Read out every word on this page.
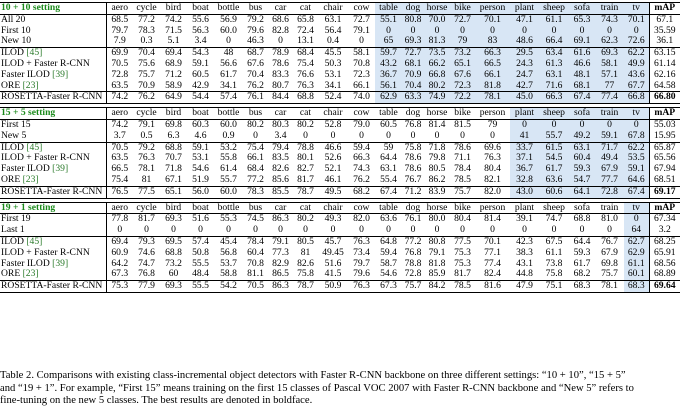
10 + 10 setting	aero	cycle	bird	boat	bottle	bus	car	cat	chair	cow	table	dog	horse	bike	person	plant	sheep	sofa	train	tv	mAP
All 20	68.5	77.2	74.2	55.6	56.9	79.2	68.6	65.8	63.1	72.7	55.1	80.8	70.0	72.7	70.1	47.1	61.1	65.3	74.3	70.1	67.1
First 10	79.7	78.3	71.5	56.3	60.0	79.6	82.8	72.4	56.4	79.1	0	0	0	0	0	0	0	0	0	0	35.59
New 10	7.9	0.3	5.1	3.4	0	46.3	0	13.1	0.4	0	65	69.3	81.3	79	83	48.6	66.4	69.1	62.3	72.6	36.1
ILOD [45]	69.9	70.4	69.4	54.3	48	68.7	78.9	68.4	45.5	58.1	59.7	72.7	73.5	73.2	66.3	29.5	63.4	61.6	69.3	62.2	63.15
ILOD + Faster R-CNN	70.5	75.6	68.9	59.1	56.6	67.6	78.6	75.4	50.3	70.8	43.2	68.1	66.2	65.1	66.5	24.3	61.3	46.6	58.1	49.9	61.14
Faster ILOD [39]	72.8	75.7	71.2	60.5	61.7	70.4	83.3	76.6	53.1	72.3	36.7	70.9	66.8	67.6	66.1	24.7	63.1	48.1	57.1	43.6	62.16
ORE [23]	63.5	70.9	58.9	42.9	34.1	76.2	80.7	76.3	34.1	66.1	56.1	70.4	80.2	72.3	81.8	42.7	71.6	68.1	77	67.7	64.58
ROSETTA-Faster R-CNN	74.2	76.2	64.9	54.4	57.4	76.1	84.4	68.8	52.4	74.0	62.9	63.3	74.9	72.2	78.1	45.0	66.3	67.4	77.4	66.8	66.80

15 + 5 setting	aero	cycle	bird	boat	bottle	bus	car	cat	chair	cow	table	dog	horse	bike	person	plant	sheep	sofa	train	tv	mAP
First 15	74.2	79.1	69.8	60.3	60.0	80.2	80.3	80.2	52.8	79.0	60.5	76.8	81.4	81.5	79	0	0	0	0	0	55.03
New 5	3.7	0.5	6.3	4.6	0.9	0	3.4	0	0	0	0	0	0	0	0	41	55.7	49.2	59.1	67.8	15.95
ILOD [45]	70.5	79.2	68.8	59.1	53.2	75.4	79.4	78.8	46.6	59.4	59	75.8	71.8	78.6	69.6	33.7	61.5	63.1	71.7	62.2	65.87
ILOD + Faster R-CNN	63.5	76.3	70.7	53.1	55.8	66.1	83.5	80.1	52.6	66.3	64.4	78.6	79.8	71.1	76.3	37.1	54.5	60.4	49.4	53.5	65.56
Faster ILOD [39]	66.5	78.1	71.8	54.6	61.4	68.4	82.6	82.7	52.1	74.3	63.1	78.6	80.5	78.4	80.4	36.7	61.7	59.3	67.9	59.1	67.94
ORE [23]	75.4	81	67.1	51.9	55.7	77.2	85.6	81.7	46.1	76.2	55.4	76.7	86.2	78.5	82.1	32.8	63.6	54.7	77.7	64.6	68.51
ROSETTA-Faster R-CNN	76.5	77.5	65.1	56.0	60.0	78.3	85.5	78.7	49.5	68.2	67.4	71.2	83.9	75.7	82.0	43.0	60.6	64.1	72.8	67.4	69.17

19 + 1 setting	aero	cycle	bird	boat	bottle	bus	car	cat	chair	cow	table	dog	horse	bike	person	plant	sheep	sofa	train	tv	mAP
First 19	77.8	81.7	69.3	51.6	55.3	74.5	86.3	80.2	49.3	82.0	63.6	76.1	80.0	80.4	81.4	39.1	74.7	68.8	81.0	0	67.34
Last 1	0	0	0	0	0	0	0	0	0	0	0	0	0	0	0	0	0	0	0	64	3.2
ILOD [45]	69.4	79.3	69.5	57.4	45.4	78.4	79.1	80.5	45.7	76.3	64.8	77.2	80.8	77.5	70.1	42.3	67.5	64.4	76.7	62.7	68.25
ILOD + Faster R-CNN	60.9	74.6	68.8	50.8	56.8	60.4	77.3	81	49.45	73.4	59.4	76.8	79.1	75.3	77.1	38.3	61.1	59.3	67.9	62.9	65.91
Faster ILOD [39]	64.2	74.7	73.2	55.5	53.7	70.8	82.9	82.6	51.6	79.7	58.7	78.8	81.8	75.3	77.4	43.1	73.8	61.7	69.8	61.1	68.56
ORE [23]	67.3	76.8	60	48.4	58.8	81.1	86.5	75.8	41.5	79.6	54.6	72.8	85.9	81.7	82.4	44.8	75.8	68.2	75.7	60.1	68.89
ROSETTA-Faster R-CNN	75.3	77.9	69.3	55.5	54.2	70.5	86.3	78.7	50.9	76.3	67.3	75.7	84.2	78.5	81.6	47.9	75.1	68.3	78.1	68.3	69.64
Table 2. Comparisons with existing class-incremental object detectors with Faster R-CNN backbone on three different settings: “10 + 10”, “15 + 5” and “19 + 1”. For example, “First 15” means training on the first 15 classes of Pascal VOC 2007 with Faster R-CNN backbone and “New 5” refers to fine-tuning on the new 5 classes. The best results are denoted in boldface.
